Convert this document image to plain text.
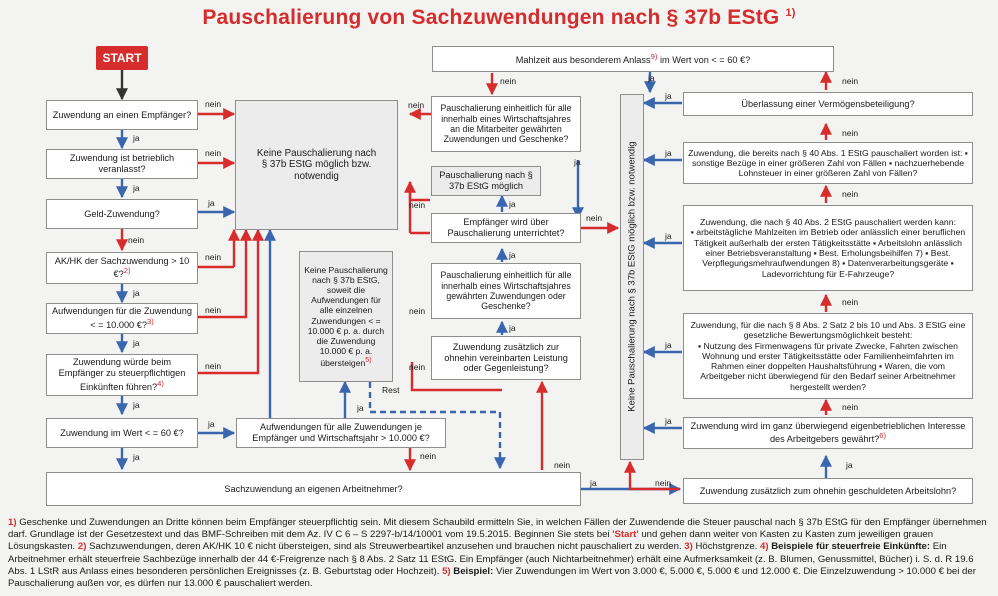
Pauschalierung von Sachzuwendungen nach § 37b EStG $^{1)}$
START
Zuwendung an einen Empfänger?
Zuwendung ist betrieblich veranlasst?
Geld-Zuwendung?
AK/HK der Sachzuwendung > 10 €?$^{2)}$
Aufwendungen für die Zuwendung < = 10.000 €?$^{3)}$
Zuwendung würde beim Empfänger zu steuerpflichtigen Einkünften führen?$^{4)}$
Zuwendung im Wert < = 60 €?
nein
nein
ja
nein
nein
nein
ja
ja
ja
nein
ja
ja
ja
ja
Keine Pauschalierung nach § 37b EStG möglich bzw. notwendig
Keine Pauschalierung nach § 37b EStG, soweit die Aufwendungen für alle einzelnen Zuwendungen < = 10.000 € p. a. durch die Zuwendung 10.000 € p. a. übersteigen$^{5)}$
Rest
ja
nein
Aufwendungen für alle Zuwendungen je Empfänger und Wirtschaftsjahr > 10.000 €?
Sachzuwendung an eigenen Arbeitnehmer?
nein
ja
Pauschalierung einheitlich für alle innerhalb eines Wirtschaftsjahres an die Mitarbeiter gewährten Zuwendungen und Geschenke?
Pauschalierung nach § 37b EStG möglich
Empfänger wird über Pauschalierung unterrichtet?
Pauschalierung einheitlich für alle innerhalb eines Wirtschaftsjahres gewährten Zuwendungen oder Geschenke?
Zuwendung zusätzlich zur ohnehin vereinbarten Leistung oder Gegenleistung?
nein
nein
nein
nein
ja
ja
ja
ja
nein
nein
Mahlzeit aus besonderem Anlass$^{9)}$ im Wert von < = 60 €?
ja
Keine Pauschalierung nach § 37b EStG möglich bzw. notwendig
Überlassung einer Vermögensbeteiligung?
Zuwendung, die bereits nach § 40 Abs. 1 EStG pauschaliert worden ist: ▪ sonstige Bezüge in einer größeren Zahl von Fällen ▪ nachzuerhebende Lohnsteuer in einer größeren Zahl von Fällen?
Zuwendung, die nach § 40 Abs. 2 EStG pauschaliert werden kann:
▪ arbeitstägliche Mahlzeiten im Betrieb oder anlässlich einer beruflichen Tätigkeit außerhalb der ersten Tätigkeitsstätte ▪ Arbeitslohn anlässlich einer Betriebsveranstaltung ▪ Best. Erholungsbeihilfen 7) ▪ Best. Verpflegungsmehraufwendungen 8) ▪ Datenverarbeitungsgeräte ▪ Ladevorrichtung für E-Fahrzeuge?
Zuwendung, für die nach § 8 Abs. 2 Satz 2 bis 10 und Abs. 3 EStG eine gesetzliche Bewertungsmöglichkeit besteht:
▪ Nutzung des Firmenwagens für private Zwecke, Fahrten zwischen Wohnung und erster Tätigkeitsstätte oder Familienheimfahrten im Rahmen einer doppelten Haushaltsführung ▪ Waren, die vom Arbeitgeber nicht überwiegend für den Bedarf seiner Arbeitnehmer hergestellt werden?
Zuwendung wird im ganz überwiegend eigenbetrieblichen Interesse des Arbeitgebers gewährt?$^{6)}$
Zuwendung zusätzlich zum ohnehin geschuldeten Arbeitslohn?
ja
ja
ja
ja
ja
nein
nein
nein
nein
nein
nein
ja
1) Geschenke und Zuwendungen an Dritte können beim Empfänger steuerpflichtig sein. Mit diesem Schaubild ermitteln Sie, in welchen Fällen der Zuwendende die Steuer pauschal nach § 37b EStG für den Empfänger übernehmen darf. Grundlage ist der Gesetzestext und das BMF-Schreiben mit dem Az. IV C 6 – S 2297-b/14/10001 vom 19.5.2015. Beginnen Sie stets bei 'Start' und gehen dann weiter von Kasten zu Kasten zum jeweiligen grauen Lösungskasten. 2) Sachzuwendungen, deren AK/HK 10 € nicht übersteigen, sind als Streuwerbeartikel anzusehen und brauchen nicht pauschaliert zu werden. 3) Höchstgrenze. 4) Beispiele für steuerfreie Einkünfte: Ein Arbeitnehmer erhält steuerfreie Sachbezüge innerhalb der 44 €-Freigrenze nach § 8 Abs. 2 Satz 11 EStG. Ein Empfänger (auch Nichtarbeitnehmer) erhält eine Aufmerksamkeit (z. B. Blumen, Genussmittel, Bücher) i. S. d. R 19.6 Abs. 1 LStR aus Anlass eines besonderen persönlichen Ereignisses (z. B. Geburtstag oder Hochzeit). 5) Beispiel: Vier Zuwendungen im Wert von 3.000 €, 5.000 €, 5.000 € und 12.000 €. Die Einzelzuwendung > 10.000 € bei der Pauschalierung außen vor, es dürfen nur 13.000 € pauschaliert werden.
